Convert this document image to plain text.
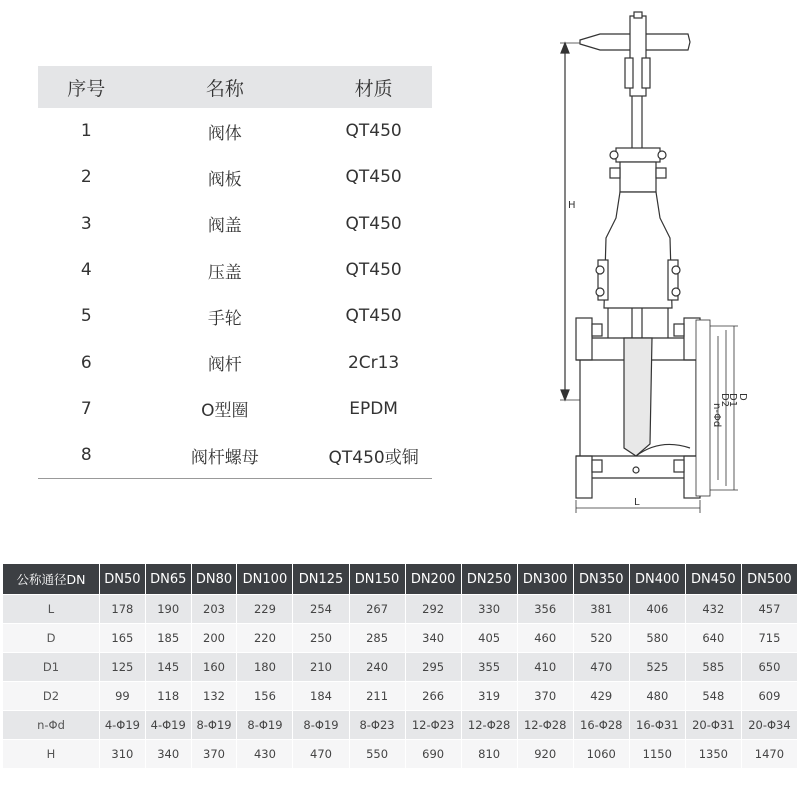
序号	名称	材质
1	阀体	QT450
2	阀板	QT450
3	阀盖	QT450
4	压盖	QT450
5	手轮	QT450
6	阀杆	2Cr13
7	O型圈	EPDM
8	阀杆螺母	QT450或铜
H
L
n-Φd
D2
D1 D
公称通径DN	DN50	DN65	DN80	DN100	DN125	DN150	DN200	DN250	DN300	DN350	DN400	DN450	DN500
L	178	190	203	229	254	267	292	330	356	381	406	432	457
D	165	185	200	220	250	285	340	405	460	520	580	640	715
D1	125	145	160	180	210	240	295	355	410	470	525	585	650
D2	99	118	132	156	184	211	266	319	370	429	480	548	609
n-Φd	4-Φ19	4-Φ19	8-Φ19	8-Φ19	8-Φ19	8-Φ23	12-Φ23	12-Φ28	12-Φ28	16-Φ28	16-Φ31	20-Φ31	20-Φ34
H	310	340	370	430	470	550	690	810	920	1060	1150	1350	1470
